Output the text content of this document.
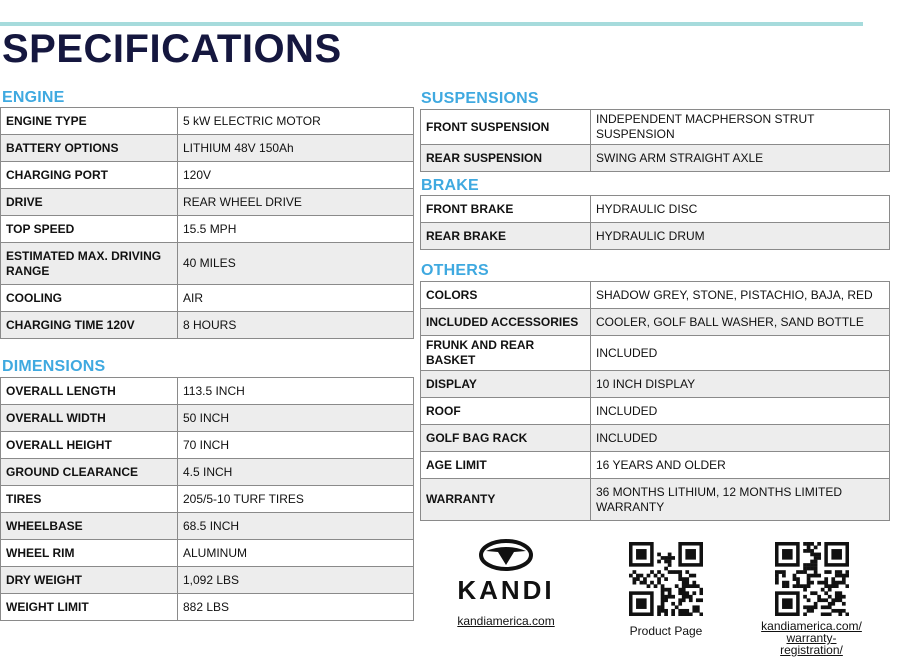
SPECIFICATIONS
ENGINE
ENGINE TYPE	5 kW ELECTRIC MOTOR
BATTERY OPTIONS	LITHIUM 48V 150Ah
CHARGING PORT	120V
DRIVE	REAR WHEEL DRIVE
TOP SPEED	15.5 MPH
ESTIMATED MAX. DRIVING RANGE	40 MILES
COOLING	AIR
CHARGING TIME 120V	8 HOURS
DIMENSIONS
OVERALL LENGTH	113.5 INCH
OVERALL WIDTH	50 INCH
OVERALL HEIGHT	70 INCH
GROUND CLEARANCE	4.5 INCH
TIRES	205/5-10 TURF TIRES
WHEELBASE	68.5 INCH
WHEEL RIM	ALUMINUM
DRY WEIGHT	1,092 LBS
WEIGHT LIMIT	882 LBS
SUSPENSIONS
FRONT SUSPENSION	INDEPENDENT MACPHERSON STRUT SUSPENSION
REAR SUSPENSION	SWING ARM STRAIGHT AXLE
BRAKE
FRONT BRAKE	HYDRAULIC DISC
REAR BRAKE	HYDRAULIC DRUM
OTHERS
COLORS	SHADOW GREY, STONE, PISTACHIO, BAJA, RED
INCLUDED ACCESSORIES	COOLER, GOLF BALL WASHER, SAND BOTTLE
FRUNK AND REAR BASKET	INCLUDED
DISPLAY	10 INCH DISPLAY
ROOF	INCLUDED
GOLF BAG RACK	INCLUDED
AGE LIMIT	16 YEARS AND OLDER
WARRANTY	36 MONTHS LITHIUM, 12 MONTHS LIMITED WARRANTY
KANDI
kandiamerica.com
Product Page	kandiamerica.com/ warranty- registration/
